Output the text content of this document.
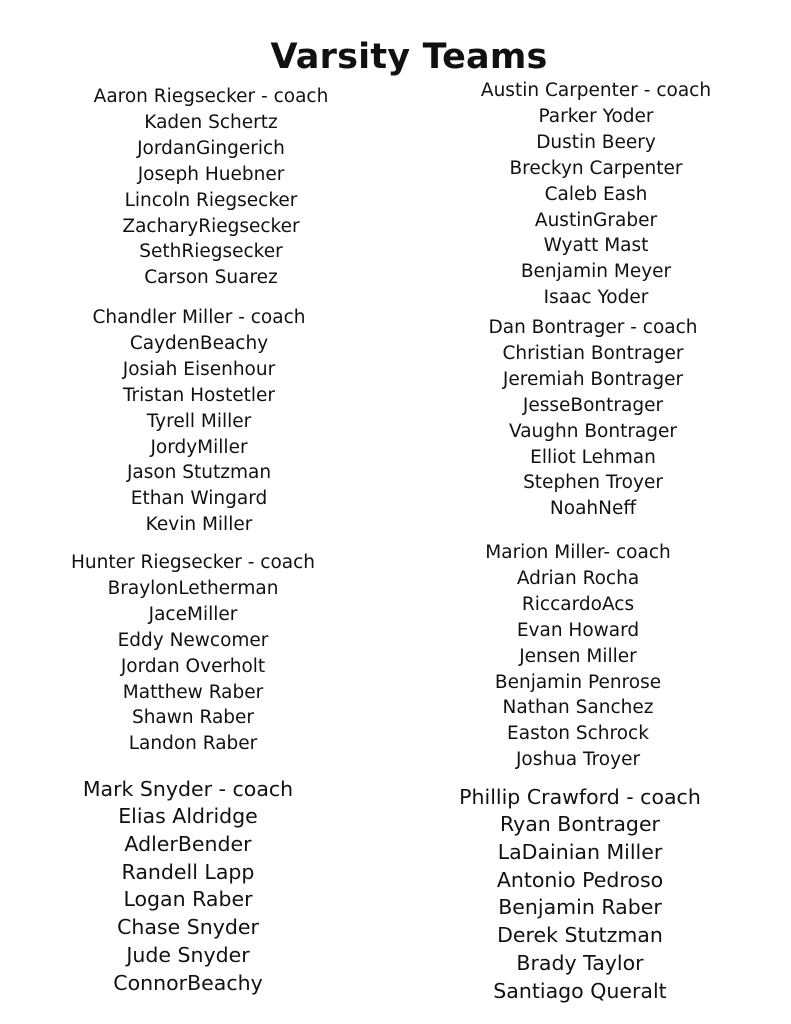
Varsity Teams
Aaron Riegsecker - coach
Kaden Schertz
JordanGingerich
Joseph Huebner
Lincoln Riegsecker
ZacharyRiegsecker
SethRiegsecker
Carson Suarez
Austin Carpenter - coach
Parker Yoder
Dustin Beery
Breckyn Carpenter
Caleb Eash
AustinGraber
Wyatt Mast
Benjamin Meyer
Isaac Yoder
Chandler Miller - coach
CaydenBeachy
Josiah Eisenhour
Tristan Hostetler
Tyrell Miller
JordyMiller
Jason Stutzman
Ethan Wingard
Kevin Miller
Dan Bontrager - coach
Christian Bontrager
Jeremiah Bontrager
JesseBontrager
Vaughn Bontrager
Elliot Lehman
Stephen Troyer
NoahNeff
Hunter Riegsecker - coach
BraylonLetherman
JaceMiller
Eddy Newcomer
Jordan Overholt
Matthew Raber
Shawn Raber
Landon Raber
Marion Miller- coach
Adrian Rocha
RiccardoAcs
Evan Howard
Jensen Miller
Benjamin Penrose
Nathan Sanchez
Easton Schrock
Joshua Troyer
Mark Snyder - coach
Elias Aldridge
AdlerBender
Randell Lapp
Logan Raber
Chase Snyder
Jude Snyder
ConnorBeachy
Phillip Crawford - coach
Ryan Bontrager
LaDainian Miller
Antonio Pedroso
Benjamin Raber
Derek Stutzman
Brady Taylor
Santiago Queralt
